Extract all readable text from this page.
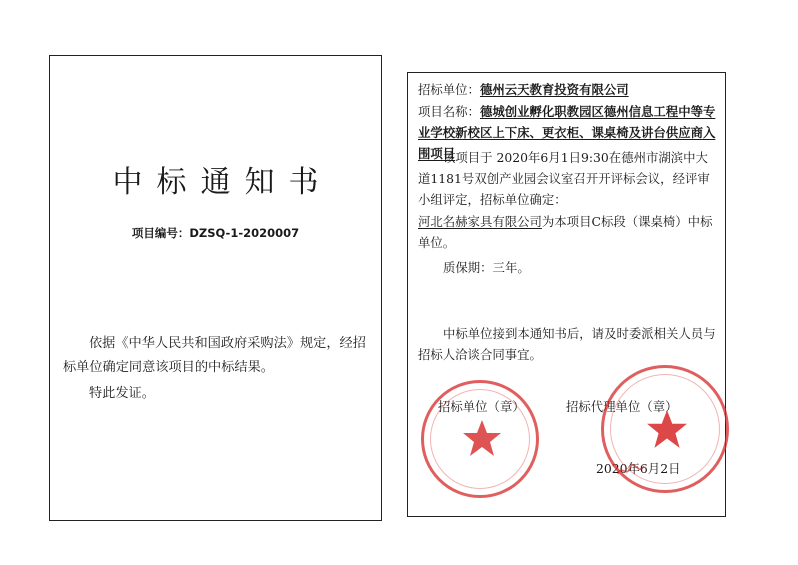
中标通知书
项目编号：DZSQ-1-2020007
依据《中华人民共和国政府采购法》规定，经招标单位确定同意该项目的中标结果。
特此发证。
招标单位：德州云天教育投资有限公司
项目名称：德城创业孵化职教园区德州信息工程中等专业学校新校区上下床、更衣柜、课桌椅及讲台供应商入围项目
该项目于 2020年6月1日9:30在德州市湖滨中大道1181号双创产业园会议室召开开评标会议，经评审小组评定，招标单位确定：
河北名赫家具有限公司为本项目C标段（课桌椅）中标单位。
质保期：三年。
中标单位接到本通知书后，请及时委派相关人员与招标人洽谈合同事宜。
招标单位（章）	招标代理单位（章）
2020年6月2日
